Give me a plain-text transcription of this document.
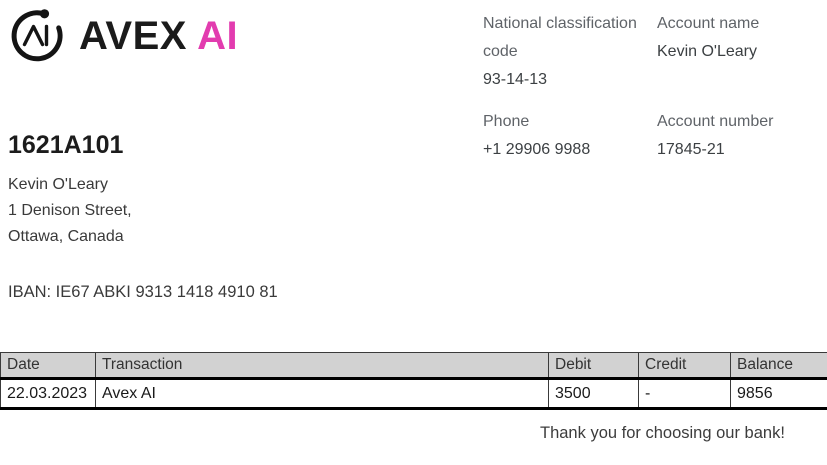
AVEX AI	National classification code
93-14-13
Account name
Kevin O'Leary
Phone
+1 29906 9988
Account number
17845-21
1621A101
Kevin O'Leary
1 Denison Street,
Ottawa, Canada
IBAN: IE67 ABKI 9313 1418 4910 81
Date	Transaction	Debit	Credit	Balance
22.03.2023	Avex AI	3500	-	9856
Thank you for choosing our bank!
